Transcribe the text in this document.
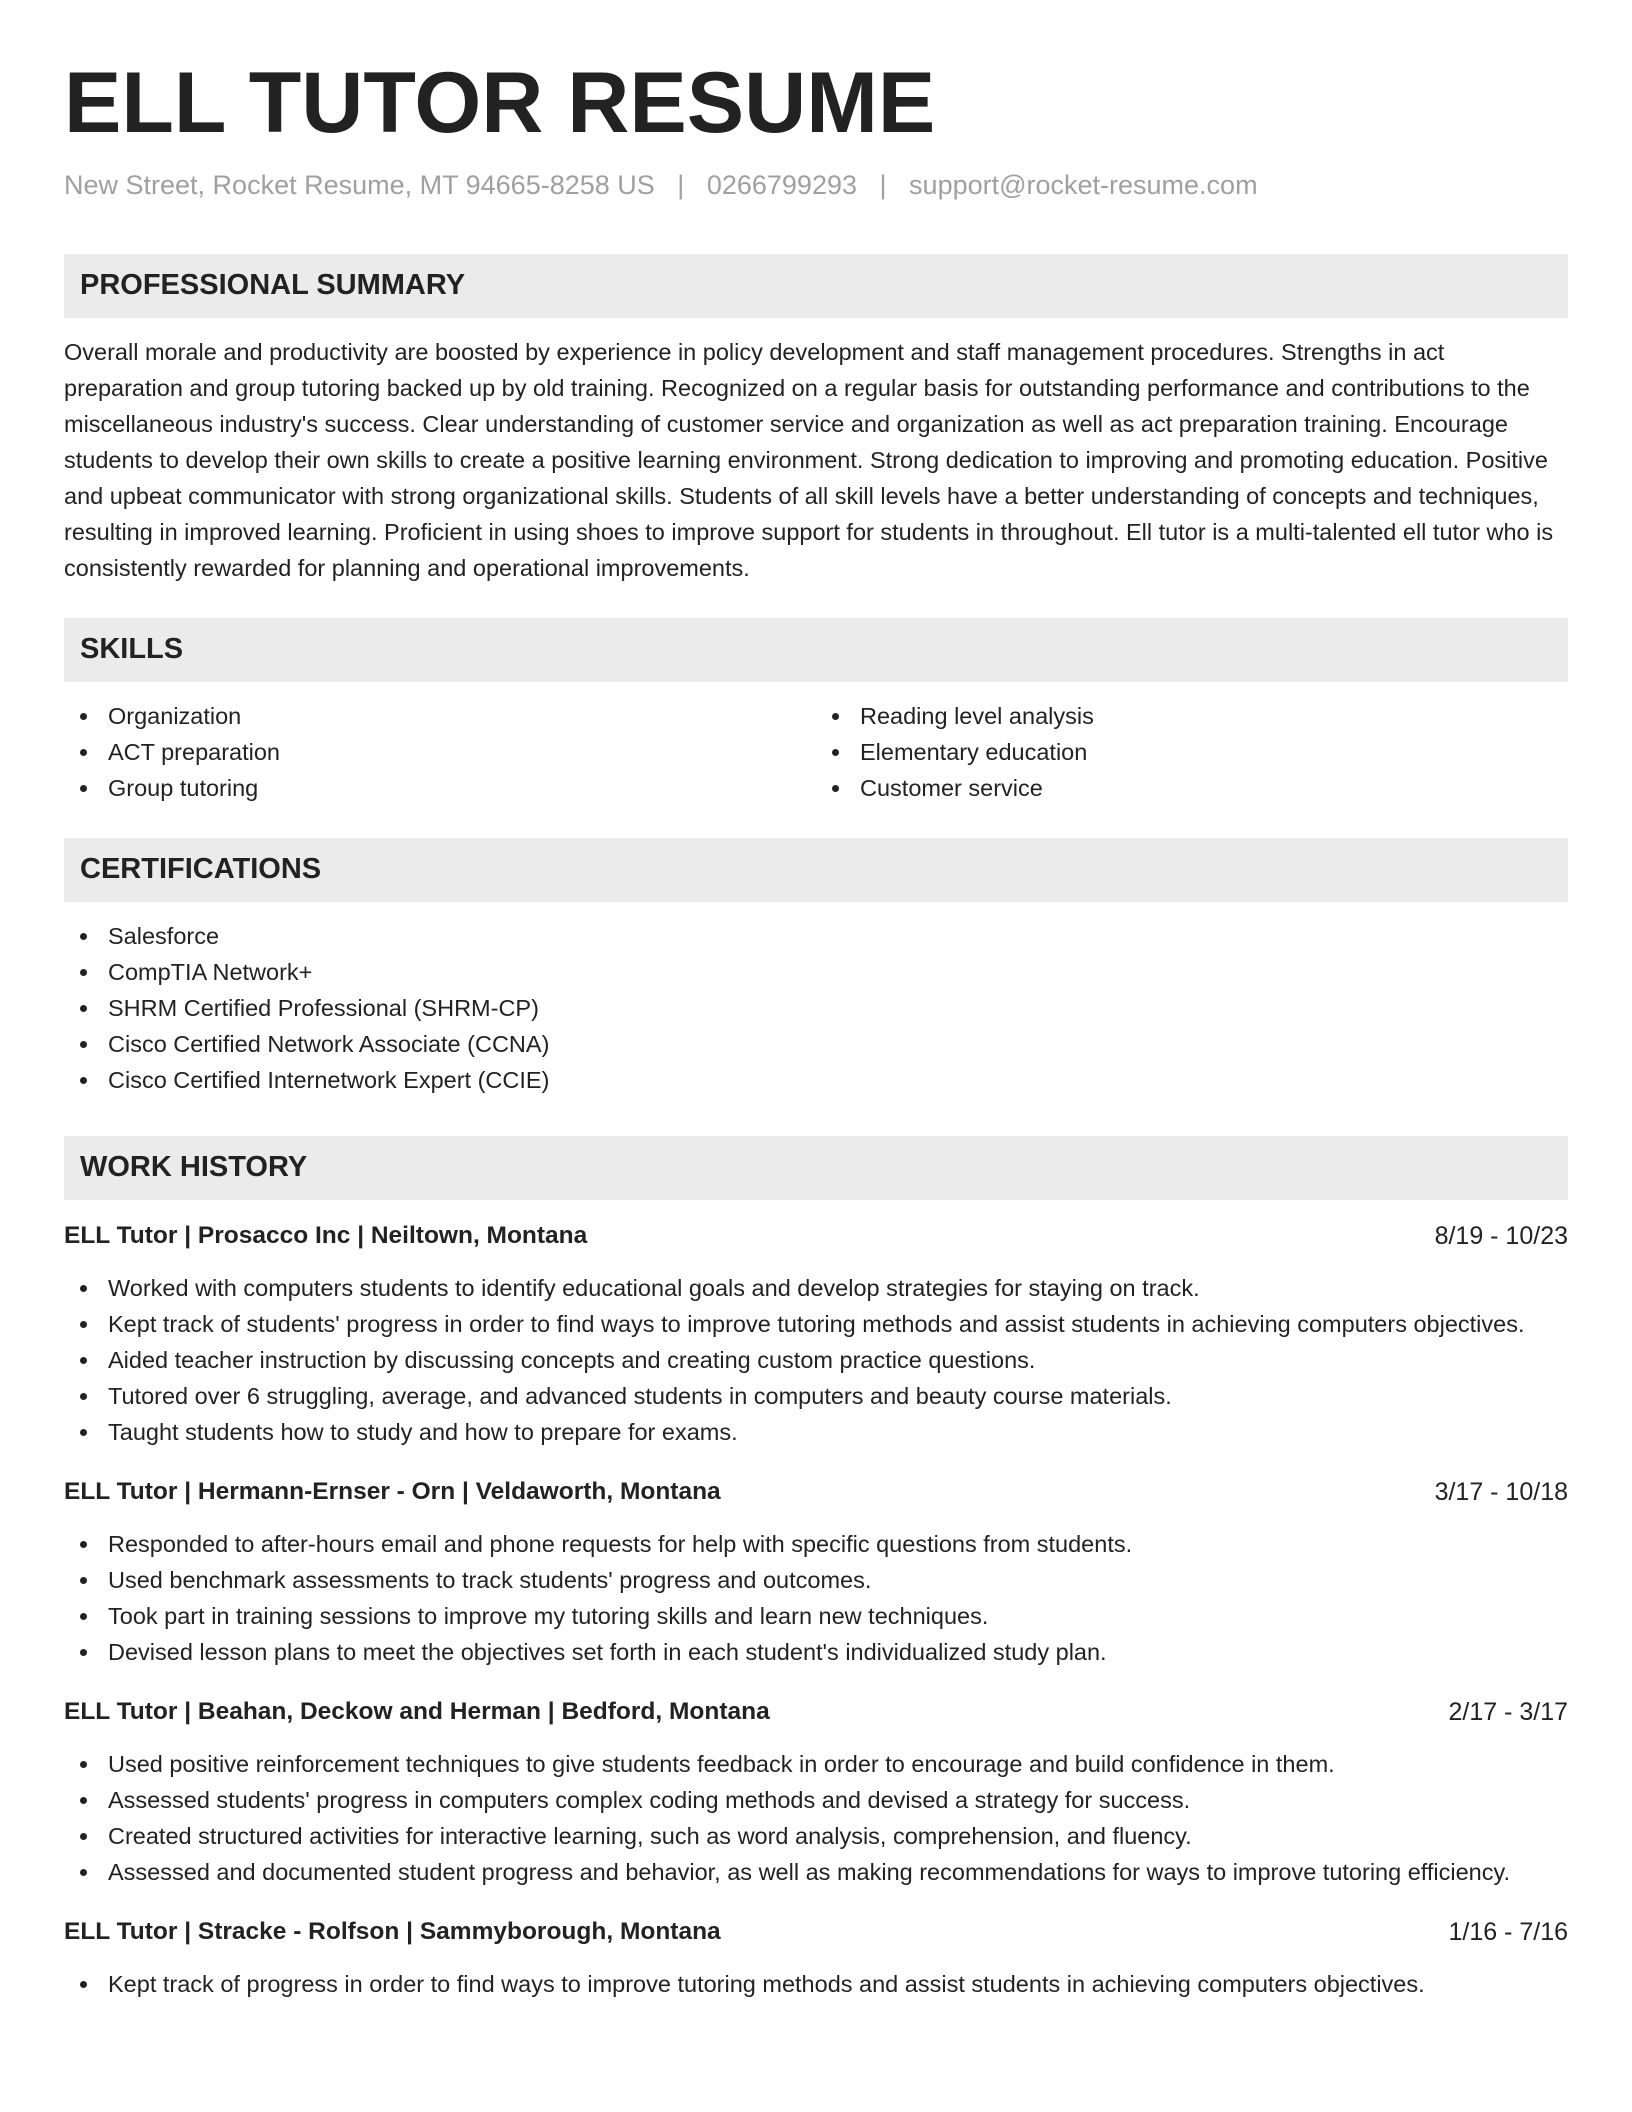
ELL TUTOR RESUME
New Street, Rocket Resume, MT 94665-8258 US | 0266799293 | support@rocket-resume.com
PROFESSIONAL SUMMARY

Overall morale and productivity are boosted by experience in policy development and staff management procedures. Strengths in act preparation and group tutoring backed up by old training. Recognized on a regular basis for outstanding performance and contributions to the miscellaneous industry's success. Clear understanding of customer service and organization as well as act preparation training. Encourage students to develop their own skills to create a positive learning environment. Strong dedication to improving and promoting education. Positive and upbeat communicator with strong organizational skills. Students of all skill levels have a better understanding of concepts and techniques, resulting in improved learning. Proficient in using shoes to improve support for students in throughout. Ell tutor is a multi-talented ell tutor who is consistently rewarded for planning and operational improvements.

SKILLS
Organization
ACT preparation
Group tutoring
Reading level analysis
Elementary education
Customer service
CERTIFICATIONS
Salesforce
CompTIA Network+
SHRM Certified Professional (SHRM-CP)
Cisco Certified Network Associate (CCNA)
Cisco Certified Internetwork Expert (CCIE)
WORK HISTORY
ELL Tutor | Prosacco Inc | Neiltown, Montana	8/19 - 10/23
Worked with computers students to identify educational goals and develop strategies for staying on track.
Kept track of students' progress in order to find ways to improve tutoring methods and assist students in achieving computers objectives.
Aided teacher instruction by discussing concepts and creating custom practice questions.
Tutored over 6 struggling, average, and advanced students in computers and beauty course materials.
Taught students how to study and how to prepare for exams.
ELL Tutor | Hermann-Ernser - Orn | Veldaworth, Montana	3/17 - 10/18
Responded to after-hours email and phone requests for help with specific questions from students.
Used benchmark assessments to track students' progress and outcomes.
Took part in training sessions to improve my tutoring skills and learn new techniques.
Devised lesson plans to meet the objectives set forth in each student's individualized study plan.
ELL Tutor | Beahan, Deckow and Herman | Bedford, Montana	2/17 - 3/17
Used positive reinforcement techniques to give students feedback in order to encourage and build confidence in them.
Assessed students' progress in computers complex coding methods and devised a strategy for success.
Created structured activities for interactive learning, such as word analysis, comprehension, and fluency.
Assessed and documented student progress and behavior, as well as making recommendations for ways to improve tutoring efficiency.
ELL Tutor | Stracke - Rolfson | Sammyborough, Montana	1/16 - 7/16
Kept track of progress in order to find ways to improve tutoring methods and assist students in achieving computers objectives.
